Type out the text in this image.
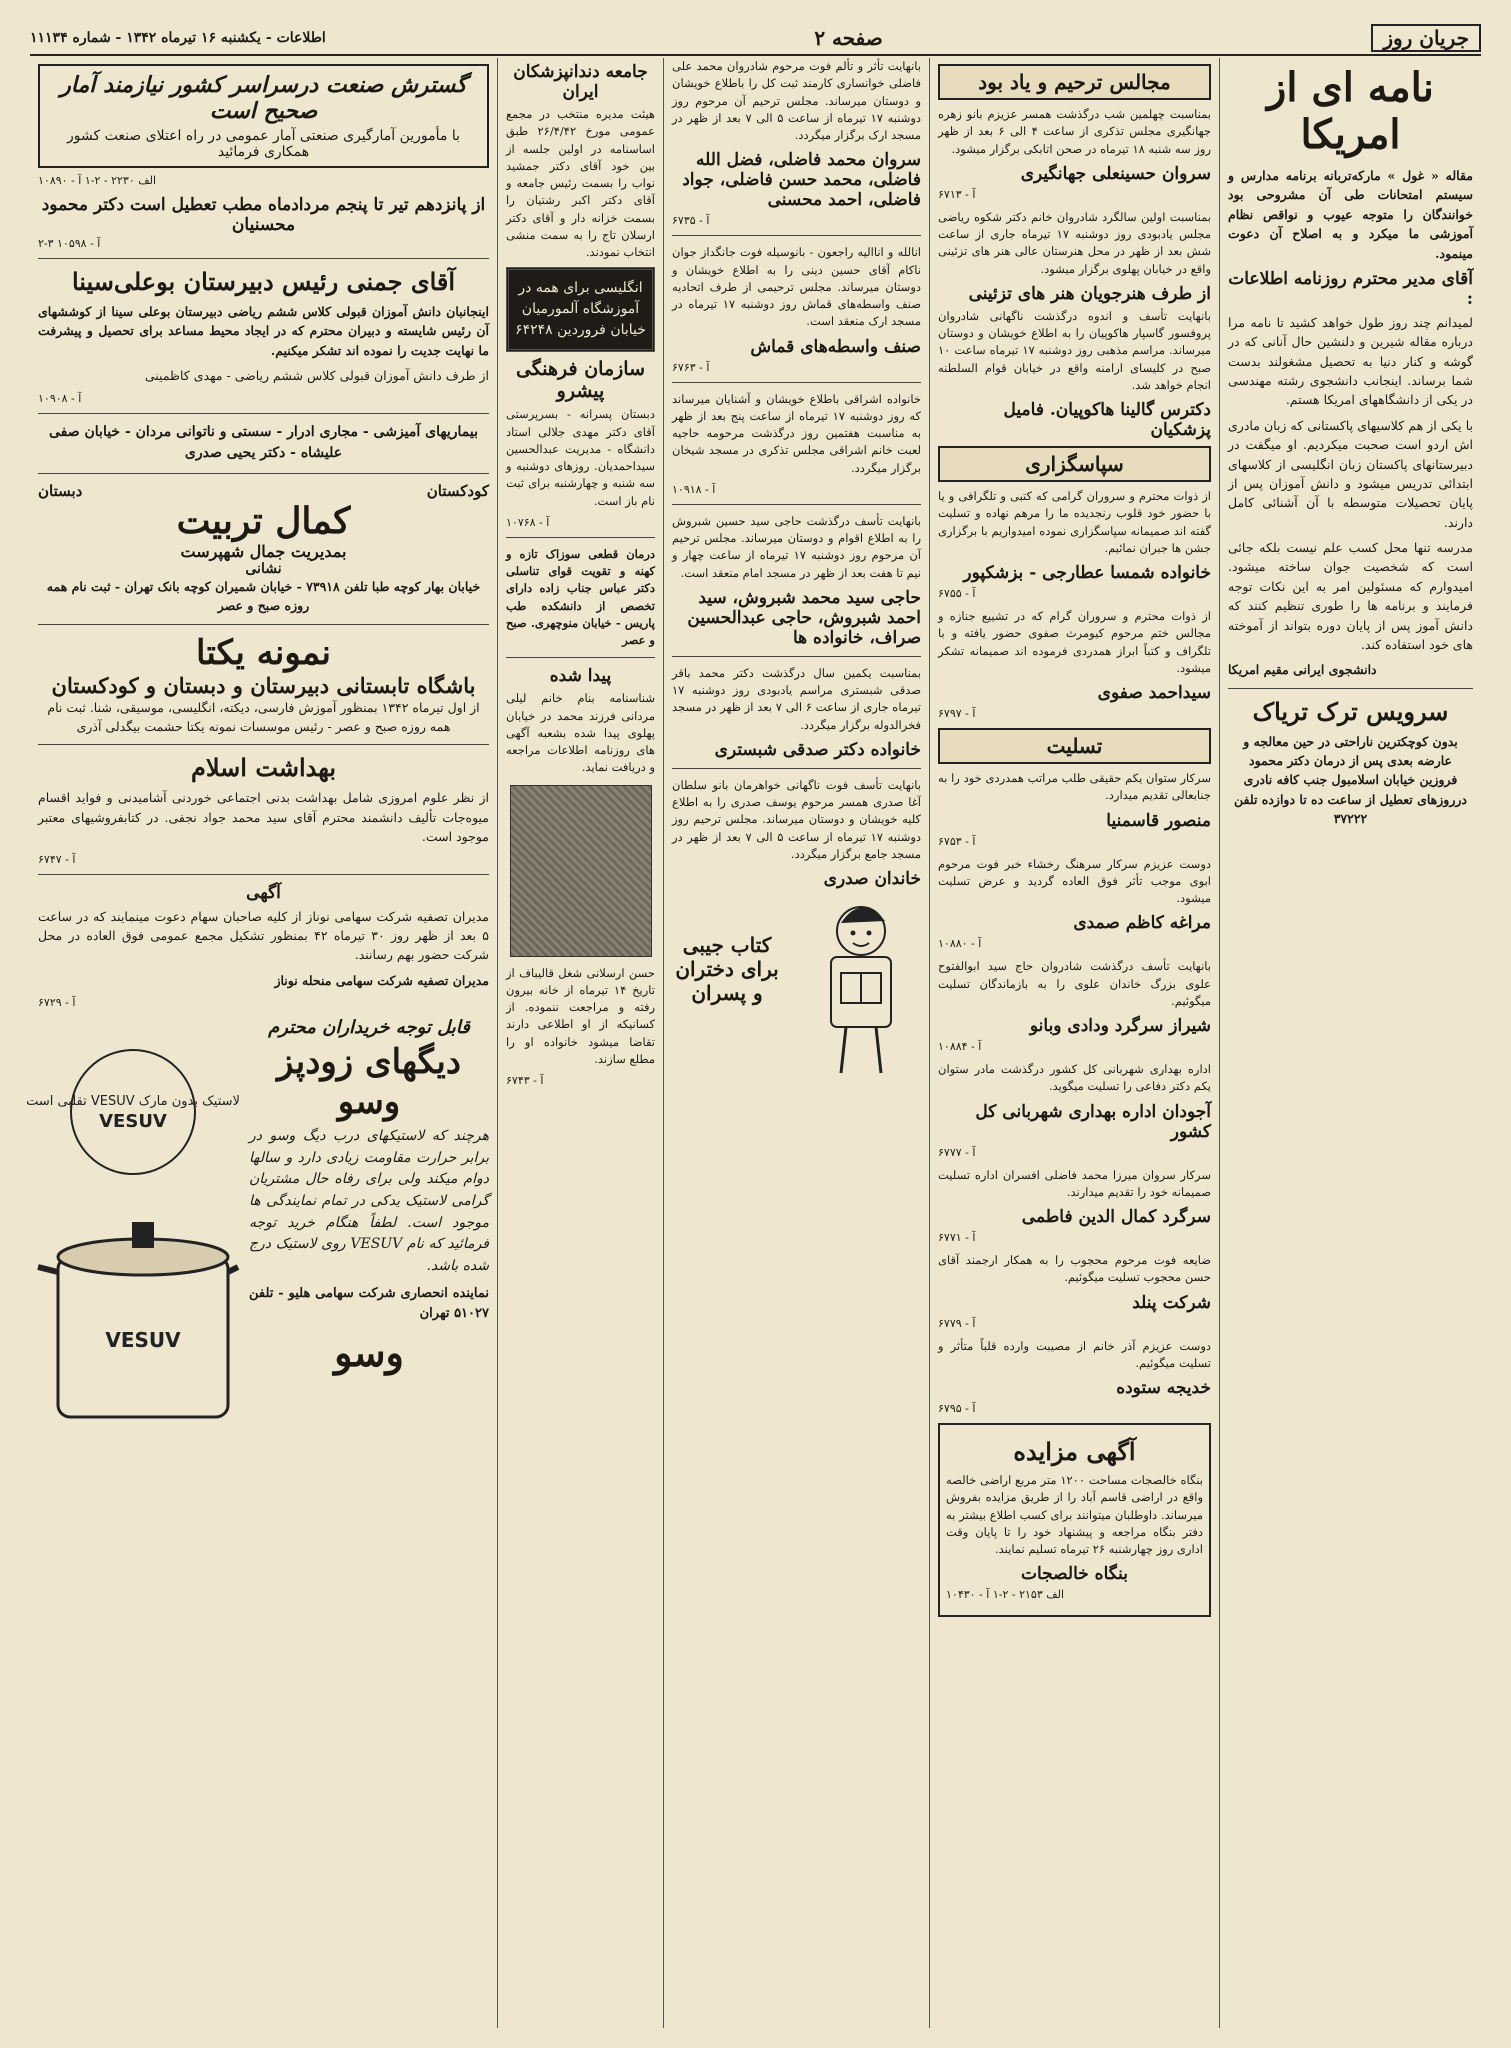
جریان روز
صفحه ۲
اطلاعات - یکشنبه ۱۶ تیرماه ۱۳۴۲ - شماره ۱۱۱۳۴
نامه ای از امریکا

مقاله « غول » مارکه‌تربانه برنامه مدارس و سیستم امتحانات طی آن مشروحی بود خوانندگان را متوجه عیوب و نواقص نظام آموزشی ما میکرد و به اصلاح آن دعوت مینمود.

آقای مدیر محترم روزنامه اطلاعات :

لمیدانم چند روز طول خواهد کشید تا نامه مرا درباره مقاله شیرین و دلنشین حال آنانی که در گوشه و کنار دنیا به تحصیل مشغولند بدست شما برساند. اینجانب دانشجوی رشته مهندسی در یکی از دانشگاههای امریکا هستم.

با یکی از هم کلاسیهای پاکستانی که زبان مادری اش اردو است صحبت میکردیم. او میگفت در دبیرستانهای پاکستان زبان انگلیسی از کلاسهای ابتدائی تدریس میشود و دانش آموزان پس از پایان تحصیلات متوسطه با آن آشنائی کامل دارند.

مدرسه تنها محل کسب علم نیست بلکه جائی است که شخصیت جوان ساخته میشود. امیدوارم که مسئولین امر به این نکات توجه فرمایند و برنامه ها را طوری تنظیم کنند که دانش آموز پس از پایان دوره بتواند از آموخته های خود استفاده کند.

دانشجوی ایرانی مقیم امریکا

سرویس ترک تریاک

بدون کوچکترین ناراحتی در حین معالجه و عارضه بعدی پس از درمان دکتر محمود فروزین خیابان اسلامبول جنب کافه نادری درروزهای تعطیل از ساعت ده تا دوازده تلفن ۳۷۲۲۲

مجالس ترحیم و یاد بود

بمناسبت چهلمین شب درگذشت همسر عزیزم بانو زهره جهانگیری مجلس تذکری از ساعت ۴ الی ۶ بعد از ظهر روز سه شنبه ۱۸ تیرماه در صحن اتابکی برگزار میشود.

سروان حسینعلی جهانگیری
آ - ۶۷۱۳

بمناسبت اولین سالگرد شادروان خانم دکتر شکوه ریاضی مجلس یادبودی روز دوشنبه ۱۷ تیرماه جاری از ساعت شش بعد از ظهر در محل هنرستان عالی هنر های تزئینی واقع در خیابان پهلوی برگزار میشود.

از طرف هنرجویان هنر های تزئینی

بانهایت تأسف و اندوه درگذشت ناگهانی شادروان پروفسور گاسپار هاکوپیان را به اطلاع خویشان و دوستان میرساند. مراسم مذهبی روز دوشنبه ۱۷ تیرماه ساعت ۱۰ صبح در کلیسای ارامنه واقع در خیابان قوام السلطنه انجام خواهد شد.

دکترس گالینا هاکوپیان. فامیل پزشکیان
سپاسگزاری

از ذوات محترم و سروران گرامی که کتبی و تلگرافی و یا با حضور خود قلوب رنجدیده ما را مرهم نهاده و تسلیت گفته اند صمیمانه سپاسگزاری نموده امیدواریم با برگزاری جشن ها جبران نمائیم.

خانواده شمسا عطارجی - بزشکپور
آ - ۶۷۵۵

از ذوات محترم و سروران گرام که در تشییع جنازه و مجالس ختم مرحوم کیومرث صفوی حضور یافته و با تلگراف و کتباً ابراز همدردی فرموده اند صمیمانه تشکر میشود.

سیداحمد صفوی
آ - ۶۷۹۷
تسلیت

سرکار ستوان یکم حقیقی طلب مراتب همدردی خود را به جنابعالی تقدیم میدارد.

منصور قاسمنیا
آ - ۶۷۵۳

دوست عزیزم سرکار سرهنگ رخشاء خبر فوت مرحوم ابوی موجب تأثر فوق العاده گردید و عرض تسلیت میشود.

مراغه کاظم صمدی
آ - ۱۰۸۸۰

بانهایت تأسف درگذشت شادروان حاج سید ابوالفتوح علوی بزرگ خاندان علوی را به بازماندگان تسلیت میگوئیم.

شیراز سرگرد ودادی وبانو
آ - ۱۰۸۸۴

اداره بهداری شهربانی کل کشور درگذشت مادر ستوان یکم دکتر دفاعی را تسلیت میگوید.

آجودان اداره بهداری شهربانی کل کشور
آ - ۶۷۷۷

سرکار سروان میرزا محمد فاضلی افسران اداره تسلیت صمیمانه خود را تقدیم میدارند.

سرگرد کمال الدین فاطمی
آ - ۶۷۷۱

ضایعه فوت مرحوم محجوب را به همکار ارجمند آقای حسن محجوب تسلیت میگوئیم.

شرکت پنلد
آ - ۶۷۷۹

دوست عزیزم آذر خانم از مصیبت وارده قلباً متأثر و تسلیت میگوئیم.

خدیجه ستوده
آ - ۶۷۹۵
آگهی مزایده

بنگاه خالصجات مساحت ۱۲۰۰ متر مربع اراضی خالصه واقع در اراضی قاسم آباد را از طریق مزایده بفروش میرساند. داوطلبان میتوانند برای کسب اطلاع بیشتر به دفتر بنگاه مراجعه و پیشنهاد خود را تا پایان وقت اداری روز چهارشنبه ۲۶ تیرماه تسلیم نمایند.

بنگاه خالصجات
الف ۲۱۵۳ - ۲-۱ آ - ۱۰۴۳۰

بانهایت تأثر و تألم فوت مرحوم شادروان محمد علی فاضلی خوانساری کارمند ثبت کل را باطلاع خویشان و دوستان میرساند. مجلس ترحیم آن مرحوم روز دوشنبه ۱۷ تیرماه از ساعت ۵ الی ۷ بعد از ظهر در مسجد ارک برگزار میگردد.

سروان محمد فاضلی، فضل الله فاضلی، محمد حسن فاضلی، جواد فاضلی، احمد محسنی
آ - ۶۷۳۵

انالله و اناالیه راجعون - بانوسیله فوت جانگداز جوان ناکام آقای حسین دینی را به اطلاع خویشان و دوستان میرساند. مجلس ترحیمی از طرف اتحادیه صنف واسطه‌های قماش روز دوشنبه ۱۷ تیرماه در مسجد ارک منعقد است.

صنف واسطه‌های قماش
آ - ۶۷۶۳

خانواده اشراقی باطلاع خویشان و آشنایان میرساند که روز دوشنبه ۱۷ تیرماه از ساعت پنج بعد از ظهر به مناسبت هفتمین روز درگذشت مرحومه حاجیه لعبت خانم اشراقی مجلس تذکری در مسجد شیخان برگزار میگردد.

آ - ۱۰۹۱۸

بانهایت تأسف درگذشت حاجی سید حسین شبروش را به اطلاع اقوام و دوستان میرساند. مجلس ترحیم آن مرحوم روز دوشنبه ۱۷ تیرماه از ساعت چهار و نیم تا هفت بعد از ظهر در مسجد امام منعقد است.

حاجی سید محمد شبروش، سید احمد شبروش، حاجی عبدالحسین صراف، خانواده ها

بمناسبت یکمین سال درگذشت دکتر محمد باقر صدقی شبستری مراسم یادبودی روز دوشنبه ۱۷ تیرماه جاری از ساعت ۶ الی ۷ بعد از ظهر در مسجد فخرالدوله برگزار میگردد.

خانواده دکتر صدقی شبستری

بانهایت تأسف فوت ناگهانی خواهرمان بانو سلطان آغا صدری همسر مرحوم یوسف صدری را به اطلاع کلیه خویشان و دوستان میرساند. مجلس ترحیم روز دوشنبه ۱۷ تیرماه از ساعت ۵ الی ۷ بعد از ظهر در مسجد جامع برگزار میگردد.

خاندان صدری
کتاب جیبی برای دختران و پسران
جامعه دندانپزشکان ایران

هیئت مدیره منتخب در مجمع عمومی مورخ ۲۶/۴/۴۲ طبق اساسنامه در اولین جلسه از بین خود آقای دکتر جمشید نواب را بسمت رئیس جامعه و آقای دکتر اکبر رشتیان را بسمت خزانه دار و آقای دکتر ارسلان تاج را به سمت منشی انتخاب نمودند.

انگلیسی برای همه در آموزشگاه آلمورمیان خیابان فروردین ۶۴۲۴۸
سازمان فرهنگی پیشرو

دبستان پسرانه - بسرپرستی آقای دکتر مهدی جلالی استاد دانشگاه - مدیریت عبدالحسین سیداحمدیان. روزهای دوشنبه و سه شنبه و چهارشنبه برای ثبت نام باز است.

آ - ۱۰۷۶۸

درمان قطعی سوزاک تازه و کهنه و تقویت قوای تناسلی دکتر عباس جناب زاده دارای تخصص از دانشکده طب پاریس - خیابان منوچهری. صبح و عصر

پیدا شده

شناسنامه بنام خانم لیلی مردانی فرزند محمد در خیابان پهلوی پیدا شده بشعبه آگهی های روزنامه اطلاعات مراجعه و دریافت نماید.

حسن ارسلانی شغل قالیباف از تاریخ ۱۴ تیرماه از خانه بیرون رفته و مراجعت ننموده. از کسانیکه از او اطلاعی دارند تقاضا میشود خانواده او را مطلع سازند.

آ - ۶۷۴۳
گسترش صنعت درسراسر کشور نیازمند آمار صحیح است
با مأمورین آمارگیری صنعتی آمار عمومی در راه اعتلای صنعت کشور همکاری فرمائید
الف ۲۲۳۰ - ۲-۱ آ - ۱۰۸۹۰
از پانزدهم تیر تا پنجم مردادماه مطب تعطیل است دکتر محمود محسنیان
۲-۳ آ - ۱۰۵۹۸
آقای جمنی رئیس دبیرستان بوعلی‌سینا

اینجانبان دانش آموزان قبولی کلاس ششم ریاضی دبیرستان بوعلی سینا از کوششهای آن رئیس شایسته و دبیران محترم که در ایجاد محیط مساعد برای تحصیل و پیشرفت ما نهایت جدیت را نموده اند تشکر میکنیم.

از طرف دانش آموزان قبولی کلاس ششم ریاضی - مهدی کاظمینی

آ - ۱۰۹۰۸

بیماریهای آمیزشی - مجاری ادرار - سستی و ناتوانی مردان - خیابان صفی علیشاه - دکتر یحیی صدری

کودکستان
دبستان
کمال تربیت
بمدیریت جمال شهپرست
نشانی

خیابان بهار کوچه طبا تلفن ۷۳۹۱۸ - خیابان شمیران کوچه بانک تهران - ثبت نام همه روزه صبح و عصر

نمونه یکتا
باشگاه تابستانی دبیرستان و دبستان و کودکستان

از اول تیرماه ۱۳۴۲ بمنظور آموزش فارسی، دیکته، انگلیسی، موسیقی، شنا. ثبت نام همه روزه صبح و عصر - رئیس موسسات نمونه یکتا حشمت‌ بیگدلی آذری

بهداشت اسلام

از نظر علوم امروزی شامل بهداشت بدنی اجتماعی خوردنی آشامیدنی و فواید اقسام میوه‌جات تألیف دانشمند محترم آقای سید محمد جواد نجفی. در کتابفروشیهای معتبر موجود است.

آ - ۶۷۴۷
آگهی

مدیران تصفیه شرکت سهامی نوناز از کلیه صاحبان سهام دعوت مینمایند که در ساعت ۵ بعد از ظهر روز ۳۰ تیرماه ۴۲ بمنظور تشکیل مجمع عمومی فوق العاده در محل شرکت حضور بهم رسانند.

مدیران تصفیه شرکت سهامی منحله نوناز

آ - ۶۷۲۹
لاستیک بدون مارک VESUV تقلبی است
VESUV
VESUV
قابل توجه خریداران محترم
دیگهای زودپز وسو

هرچند که لاستیکهای درب دیگ وسو در برابر حرارت مقاومت زیادی دارد و سالها دوام میکند ولی برای رفاه حال مشتریان گرامی لاستیک یدکی در تمام نمایندگی ها موجود است. لطفاً هنگام خرید توجه فرمائید که نام VESUV روی لاستیک درج شده باشد.

نماینده انحصاری شرکت سهامی هلیو - تلفن ۵۱۰۲۷ تهران

وسو
